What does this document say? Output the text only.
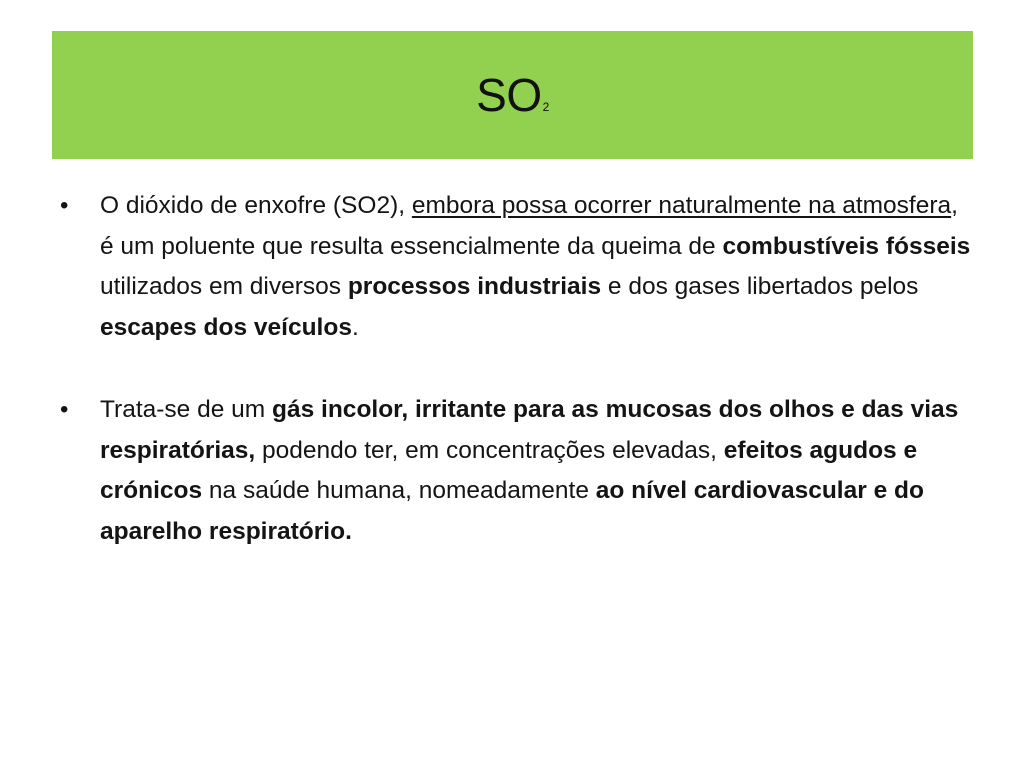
SO2

•	O dióxido de enxofre (SO2), embora possa ocorrer naturalmente na atmosfera, é um poluente que resulta essencialmente da queima de combustíveis fósseis utilizados em diversos processos industriais e dos gases libertados pelos escapes dos veículos.

•	Trata-se de um gás incolor, irritante para as mucosas dos olhos e das vias respiratórias, podendo ter, em concentrações elevadas, efeitos agudos e crónicos na saúde humana, nomeadamente ao nível cardiovascular e do aparelho respiratório.
